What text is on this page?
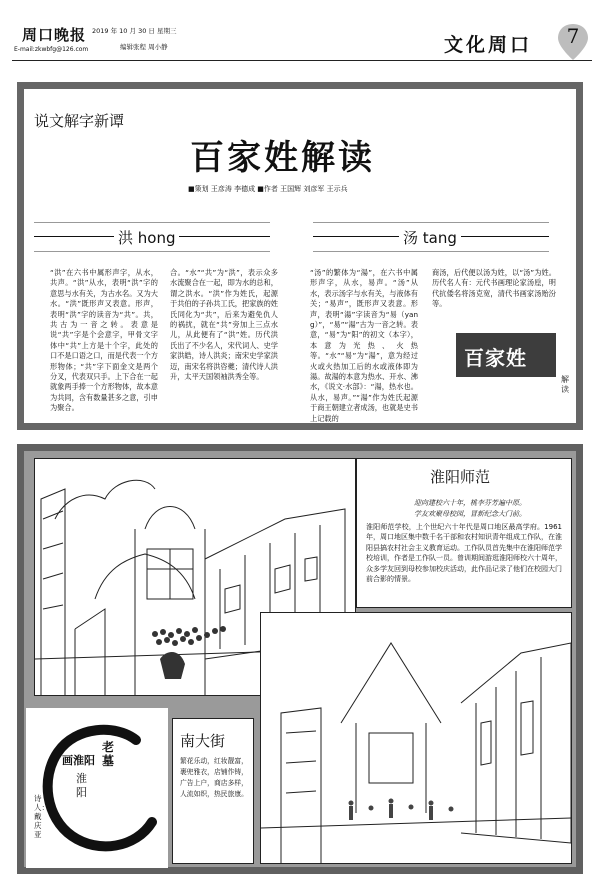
周口晚报
E-mail:zkwbfg@126.com
2019 年 10 月 30 日 星期三
编辑张程 周小静	文化周口	7
说文解字新谭
百家姓解读
■策划 王彦涛 李德成 ■作者 王国辉 刘彦军 王示兵
洪 hong	汤 tang
“洪”在六书中属形声字，从水，共声。“洪”从水，表明“洪”字的意思与水有关，为古水名。又为大水。“洪”既形声又表意。形声，表明“洪”字的读音为“共”。共，共古为一音之转。表意是说“共”字是个会意字，甲骨文字体中“共”上方是十个字，此处的口不是口语之口，而是代表一个方形物体；“共”字下面金文是两个分叉，代表双只手。上下合在一起就象两手捧一个方形物体，故本意为共同，含有数量甚多之意，引申为聚合。
合。“水”“共”为“洪”，表示众多水流聚合在一起，即为水的总和，谓之洪水。“洪”作为姓氏，起源于共伯的子孙共工氏，把家族的姓氏同化为“共”，后来为避免仇人的祸扰，就在“共”旁加上三点水儿，从此便有了“洪”姓。历代洪氏出了不少名人，宋代词人、史学家洪皓，诗人洪炎；南宋史学家洪迈，南宋名将洪咨夔；清代诗人洪升，太平天国领袖洪秀全等。
“汤”的繁体为“湯”，在六书中属形声字，从水，易声。“汤”从水，表示汤字与水有关，与液体有关；“易声”，既形声又表意。形声，表明“湯”字读音为“易（yang）”，“易”“湯”古为一音之转。表意，“易”为“阳”的初文（本字），本意为光热、火热等。“水”“易”为“湯”，意为经过火或火热加工后的水或液体即为湯。故湯的本意为热水、开水、沸水，《说文·水部》：“湯，热水也。从水，易声。”“湯”作为姓氏起源于商王朝建立者成汤，也就是史书上记载的
商汤，后代便以汤为姓，以“汤”为姓。历代名人有：元代书画理论家汤垕，明代抗倭名将汤克宽，清代书画家汤贻汾等。
百家姓
解读
淮阳师范
迎向建校六十年，桃李芬芳遍中原。
学友欢聚母校园，冒新纪念大门前。
淮阳师范学校，上个世纪六十年代是周口地区最高学府。1961年，周口地区集中数千名干部和农村知识青年组成工作队，在淮阳县搞农村社会主义教育运动。工作队员首先集中在淮阳师范学校培训，作者是工作队一员。曾训期间游逛淮阳师校六十周年，众多学友回到母校参加校庆活动，此作品记录了他们在校园大门前合影的情景。
南大街
繁花乐动，红妆靓富，
裹兜雅衣，店铺作铸，
广告上户，商店多样，
人流如织，热民旅康。
画淮阳
老墓
淮阳
诗人：戴庆亚
